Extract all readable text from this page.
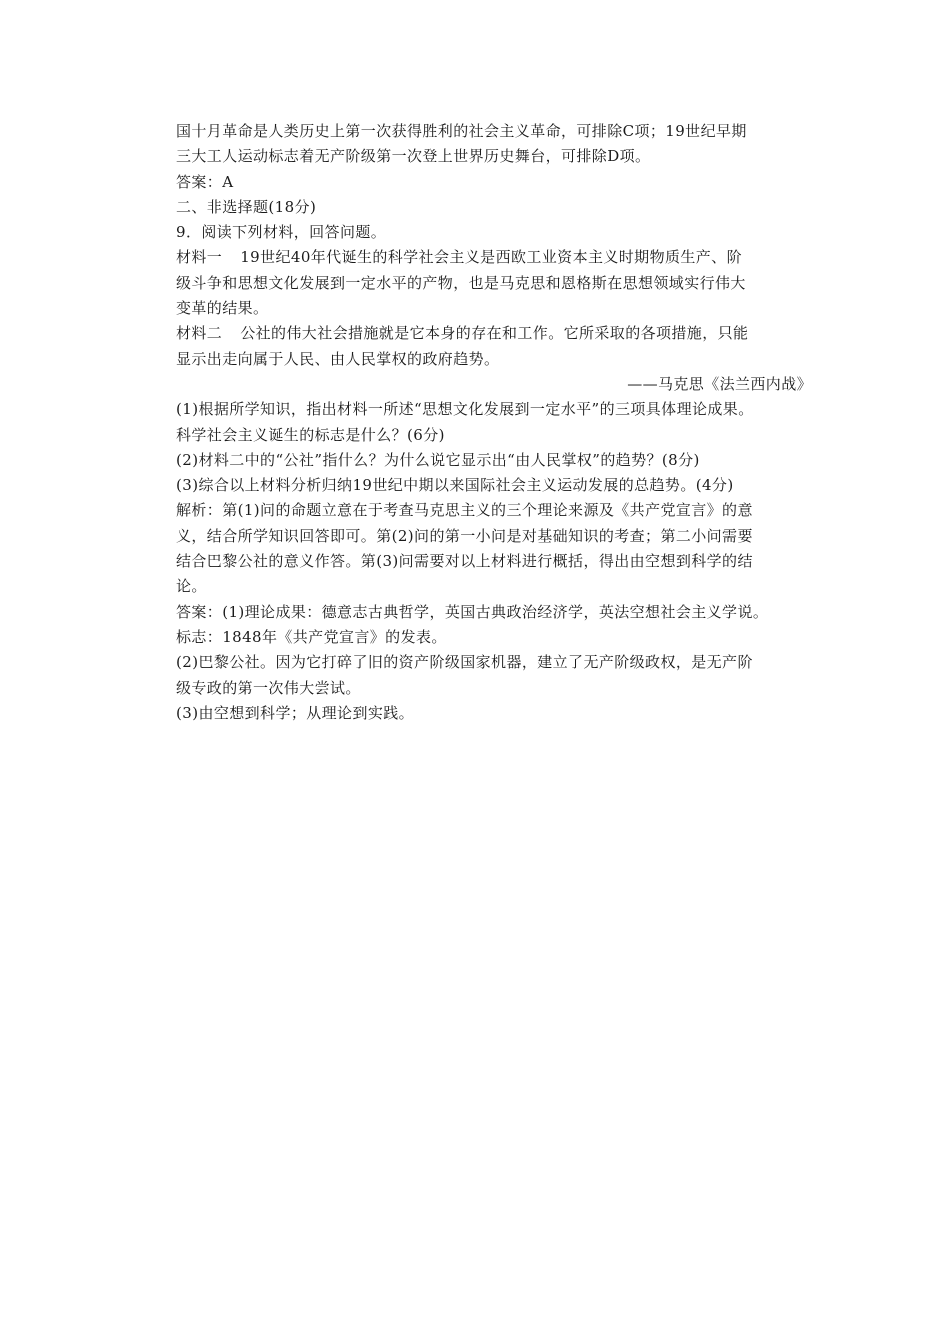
国十月革命是人类历史上第一次获得胜利的社会主义革命，可排除C项；19世纪早期
三大工人运动标志着无产阶级第一次登上世界历史舞台，可排除D项。
答案：A
二、非选择题(18分)
9．阅读下列材料，回答问题。
材料一 19世纪40年代诞生的科学社会主义是西欧工业资本主义时期物质生产、阶
级斗争和思想文化发展到一定水平的产物，也是马克思和恩格斯在思想领域实行伟大
变革的结果。
材料二 公社的伟大社会措施就是它本身的存在和工作。它所采取的各项措施，只能
显示出走向属于人民、由人民掌权的政府趋势。
——马克思《法兰西内战》
(1)根据所学知识，指出材料一所述“思想文化发展到一定水平”的三项具体理论成果。
科学社会主义诞生的标志是什么？(6分)
(2)材料二中的“公社”指什么？为什么说它显示出“由人民掌权”的趋势？(8分)
(3)综合以上材料分析归纳19世纪中期以来国际社会主义运动发展的总趋势。(4分)
解析：第(1)问的命题立意在于考查马克思主义的三个理论来源及《共产党宣言》的意
义，结合所学知识回答即可。第(2)问的第一小问是对基础知识的考查；第二小问需要
结合巴黎公社的意义作答。第(3)问需要对以上材料进行概括，得出由空想到科学的结
论。
答案：(1)理论成果：德意志古典哲学，英国古典政治经济学，英法空想社会主义学说。
标志：1848年《共产党宣言》的发表。
(2)巴黎公社。因为它打碎了旧的资产阶级国家机器，建立了无产阶级政权，是无产阶
级专政的第一次伟大尝试。
(3)由空想到科学；从理论到实践。
